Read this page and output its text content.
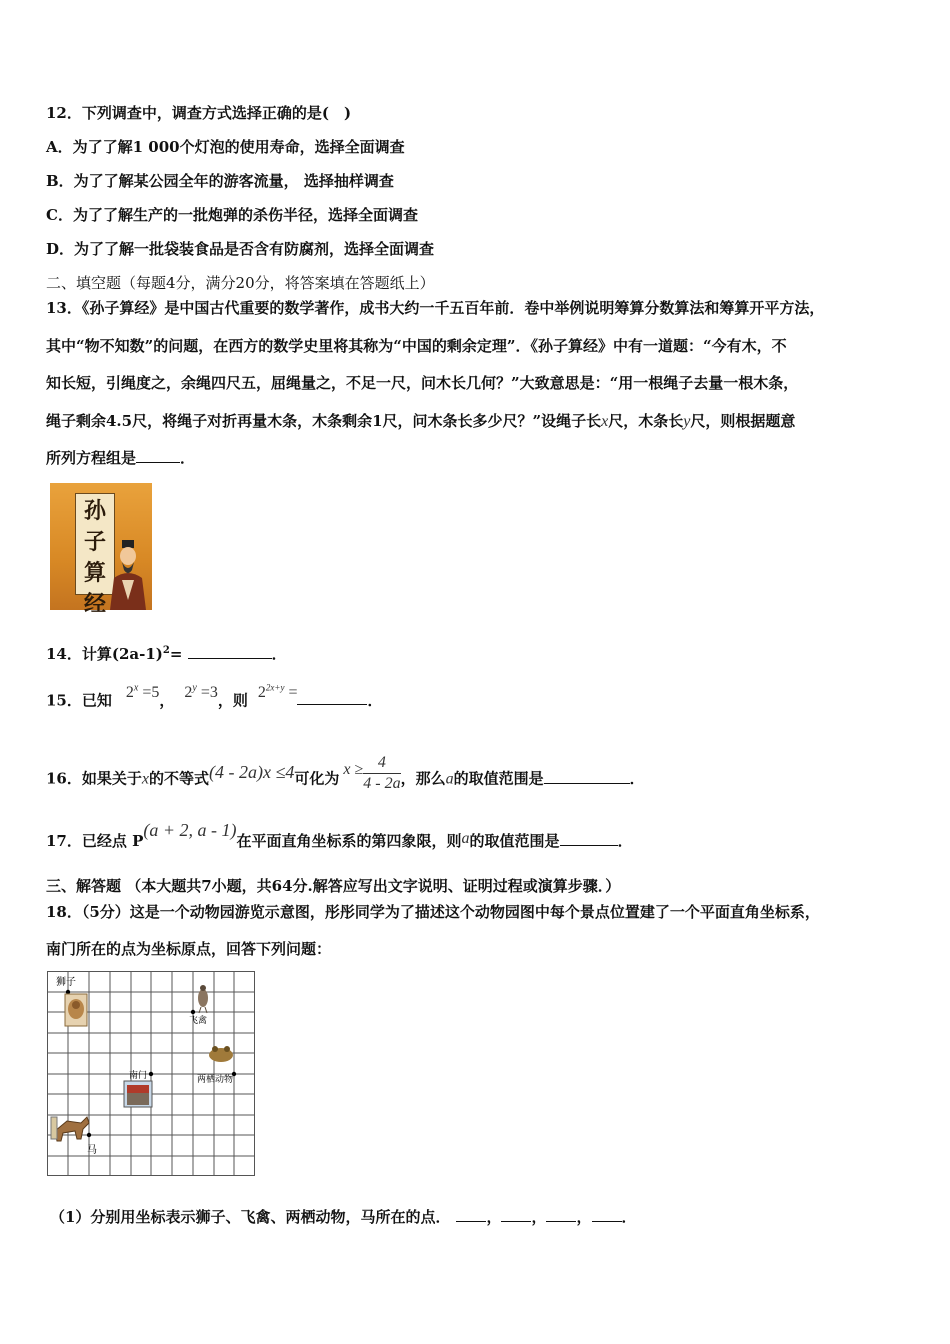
12．下列调查中，调查方式选择正确的是(　)
A．为了了解1 000个灯泡的使用寿命，选择全面调查
B．为了了解某公园全年的游客流量， 选择抽样调查
C．为了了解生产的一批炮弹的杀伤半径，选择全面调查
D．为了了解一批袋装食品是否含有防腐剂，选择全面调查
二、填空题（每题4分，满分20分，将答案填在答题纸上）
13．《孙子算经》是中国古代重要的数学著作，成书大约一千五百年前．卷中举例说明筹算分数算法和筹算开平方法，
其中“物不知数”的问题，在西方的数学史里将其称为“中国的剩余定理”．《孙子算经》中有一道题：“今有木，不
知长短，引绳度之，余绳四尺五，屈绳量之，不足一尺，问木长几何？”大致意思是：“用一根绳子去量一根木条，
绳子剩余4.5尺，将绳子对折再量木条，木条剩余1尺，问木条长多少尺？”设绳子长x尺，木条长y尺，则根据题意
所列方程组是	．
孙
子
算
经
14．计算$(2a-1)^2=$	．
15．已知 $2^x =5$， $2^y =3$，则 $2^{2x+y}$ =	．
16．如果关于x的不等式(4 - 2a)x ≤4可化为$x \ge \frac{4}{4 - 2a}$ ，那么a的取值范围是	．
17．已经点 P(a + 2, a - 1)在平面直角坐标系的第四象限，则a的取值范围是	．
三、解答题 （本大题共7小题，共64分.解答应写出文字说明、证明过程或演算步骤．）
18．（5分）这是一个动物园游览示意图，彤彤同学为了描述这个动物园图中每个景点位置建了一个平面直角坐标系，
南门所在的点为坐标原点，回答下列问题：
狮子
飞禽
两栖动物
南门
马
（1）分别用坐标表示狮子、飞禽、两栖动物，马所在的点． ， ， ， ．
